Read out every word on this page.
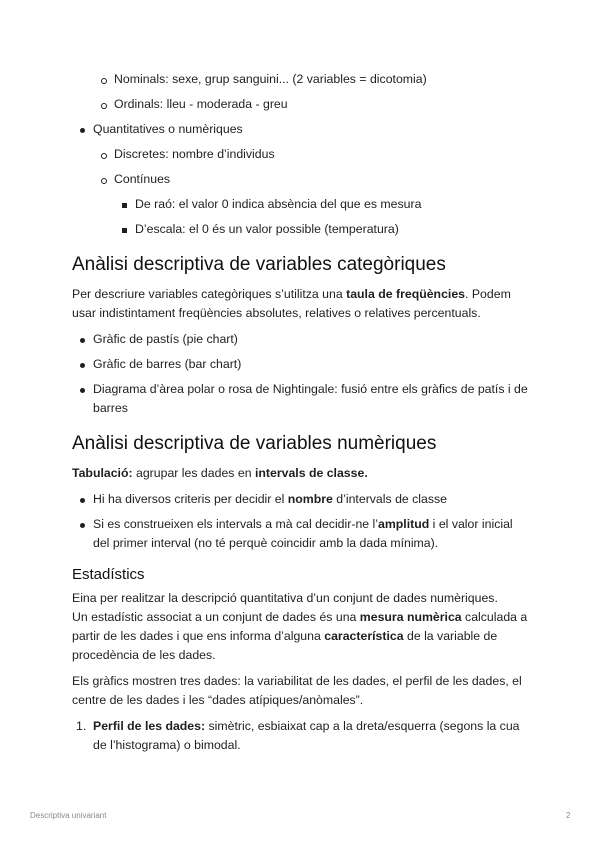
Nominals: sexe, grup sanguini... (2 variables = dicotomia)
Ordinals: lleu - moderada - greu
Quantitatives o numèriques
Discretes: nombre d’individus
Contínues
De raó: el valor 0 indica absència del que es mesura
D’escala: el 0 és un valor possible (temperatura)
Anàlisi descriptiva de variables categòriques

Per descriure variables categòriques s’utilitza una taula de freqüències. Podem usar indistintament freqüències absolutes, relatives o relatives percentuals.

Gràfic de pastís (pie chart)
Gràfic de barres (bar chart)
Diagrama d’àrea polar o rosa de Nightingale: fusió entre els gràfics de patís i de barres
Anàlisi descriptiva de variables numèriques

Tabulació: agrupar les dades en intervals de classe.

Hi ha diversos criteris per decidir el nombre d’intervals de classe
Si es construeixen els intervals a mà cal decidir-ne l’amplitud i el valor inicial del primer interval (no té perquè coincidir amb la dada mínima).
Estadístics

Eina per realitzar la descripció quantitativa d’un conjunt de dades numèriques.

Un estadístic associat a un conjunt de dades és una mesura numèrica calculada a partir de les dades i que ens informa d’alguna característica de la variable de procedència de les dades.

Els gràfics mostren tres dades: la variabilitat de les dades, el perfil de les dades, el centre de les dades i les “dades atípiques/anòmales”.

1. Perfil de les dades: simètric, esbiaixat cap a la dreta/esquerra (segons la cua de l’histograma) o bimodal.
Descriptiva univariant	2
